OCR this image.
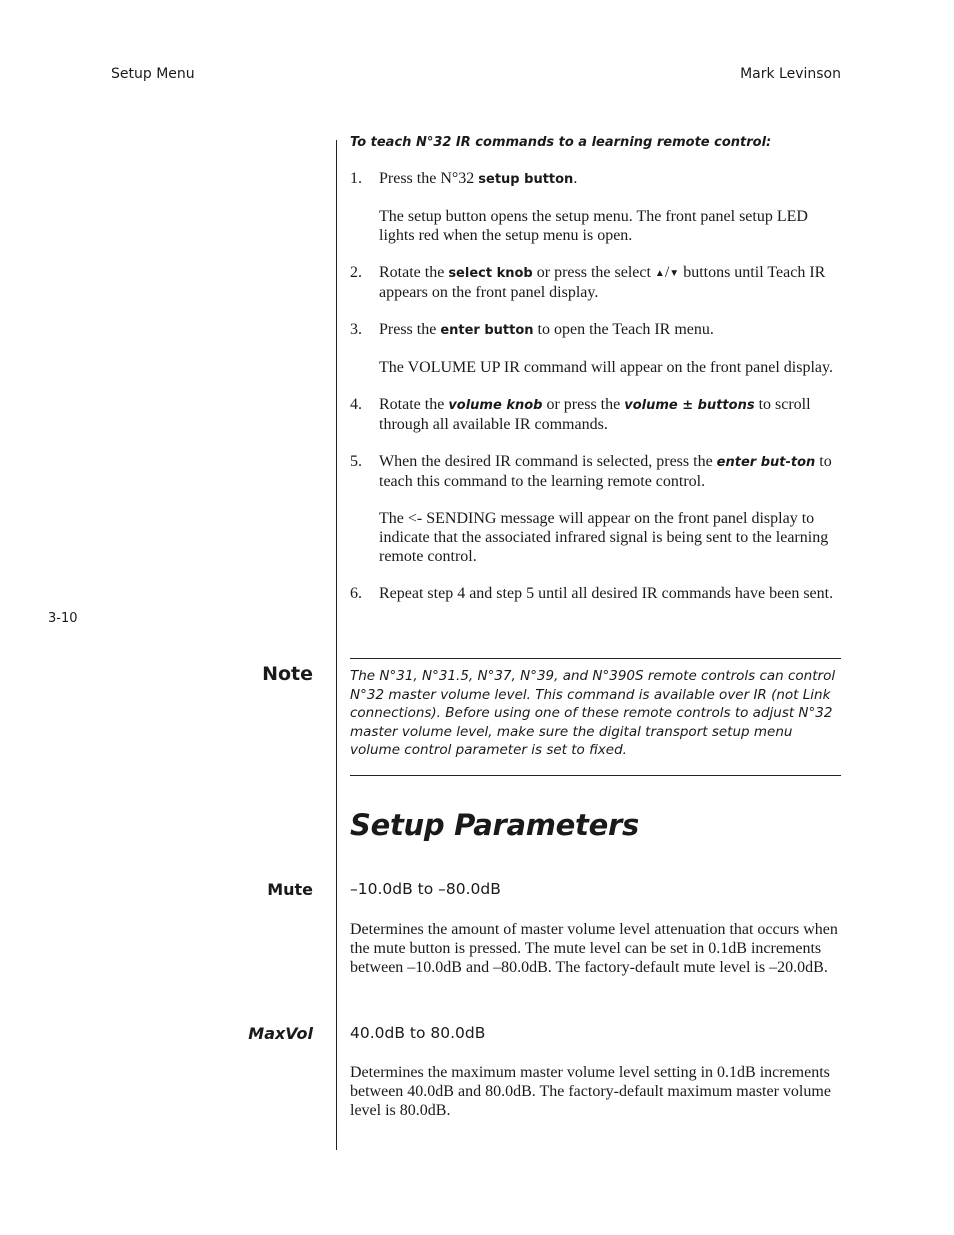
Setup Menu	Mark Levinson
3-10
To teach N°32 IR commands to a learning remote control:
1. Press the N°32 setup button.

The setup button opens the setup menu. The front panel setup LED lights red when the setup menu is open.

2. Rotate the select knob or press the select ▲/▼ buttons until Teach IR appears on the front panel display.

3. Press the enter button to open the Teach IR menu.

The VOLUME UP IR command will appear on the front panel display.

4. Rotate the volume knob or press the volume ± buttons to scroll through all available IR commands.

5. When the desired IR command is selected, press the enter but-ton to teach this command to the learning remote control.

The <- SENDING message will appear on the front panel display to indicate that the associated infrared signal is being sent to the learning remote control.

6. Repeat step 4 and step 5 until all desired IR commands have been sent.

Note	The N°31, N°31.5, N°37, N°39, and N°390S remote controls can control N°32 master volume level. This command is available over IR (not Link connections). Before using one of these remote controls to adjust N°32 master volume level, make sure the digital transport setup menu volume control parameter is set to fixed.
Setup Parameters
Mute –10.0dB to –80.0dB

Determines the amount of master volume level attenuation that occurs when the mute button is pressed. The mute level can be set in 0.1dB increments between –10.0dB and –80.0dB. The factory-default mute level is –20.0dB.

MaxVol 40.0dB to 80.0dB

Determines the maximum master volume level setting in 0.1dB increments between 40.0dB and 80.0dB. The factory-default maximum master volume level is 80.0dB.
